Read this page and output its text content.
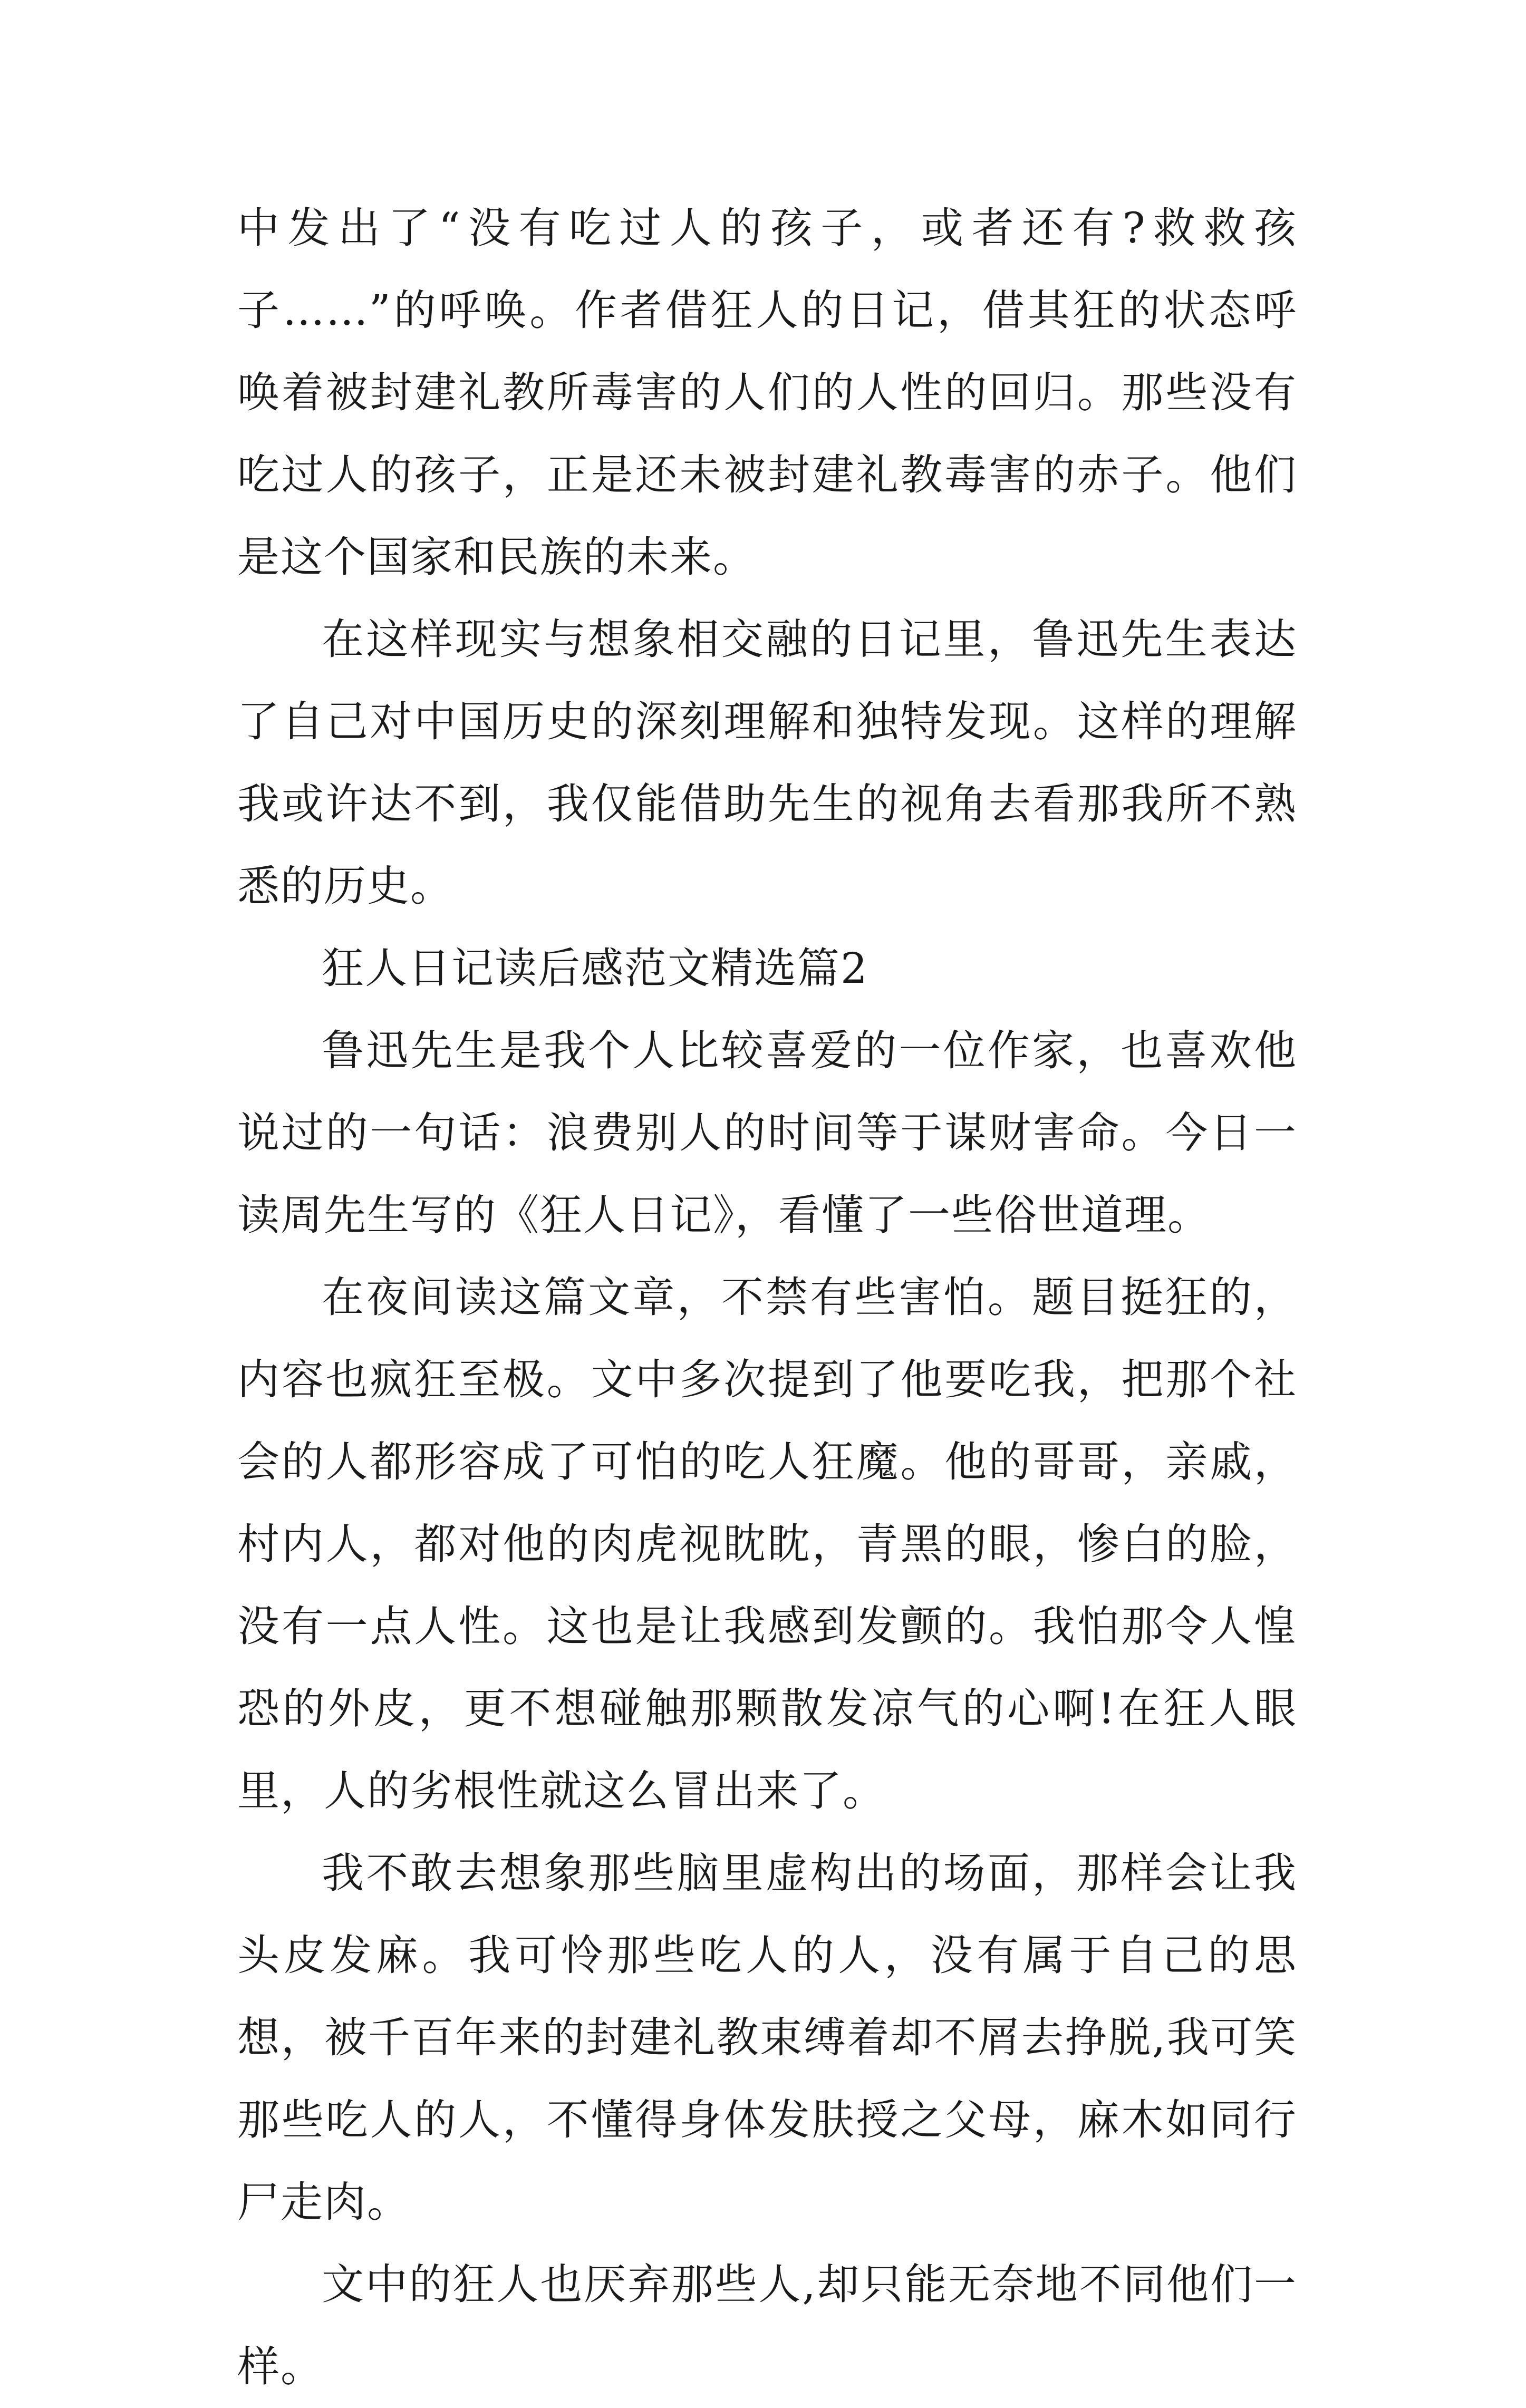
中发出了“没有吃过人的孩子，或者还有?救救孩子……”的呼唤。作者借狂人的日记，借其狂的状态呼唤着被封建礼教所毒害的人们的人性的回归。那些没有吃过人的孩子，正是还未被封建礼教毒害的赤子。他们是这个国家和民族的未来。

在这样现实与想象相交融的日记里，鲁迅先生表达了自己对中国历史的深刻理解和独特发现。这样的理解我或许达不到，我仅能借助先生的视角去看那我所不熟悉的历史。

狂人日记读后感范文精选篇2

鲁迅先生是我个人比较喜爱的一位作家，也喜欢他说过的一句话：浪费别人的时间等于谋财害命。今日一读周先生写的《狂人日记》，看懂了一些俗世道理。

在夜间读这篇文章，不禁有些害怕。题目挺狂的，内容也疯狂至极。文中多次提到了他要吃我，把那个社会的人都形容成了可怕的吃人狂魔。他的哥哥，亲戚，村内人，都对他的肉虎视眈眈，青黑的眼，惨白的脸，没有一点人性。这也是让我感到发颤的。我怕那令人惶恐的外皮，更不想碰触那颗散发凉气的心啊!在狂人眼里，人的劣根性就这么冒出来了。

我不敢去想象那些脑里虚构出的场面，那样会让我头皮发麻。我可怜那些吃人的人，没有属于自己的思想，被千百年来的封建礼教束缚着却不屑去挣脱,我可笑那些吃人的人，不懂得身体发肤授之父母，麻木如同行尸走肉。

文中的狂人也厌弃那些人,却只能无奈地不同他们一样。
